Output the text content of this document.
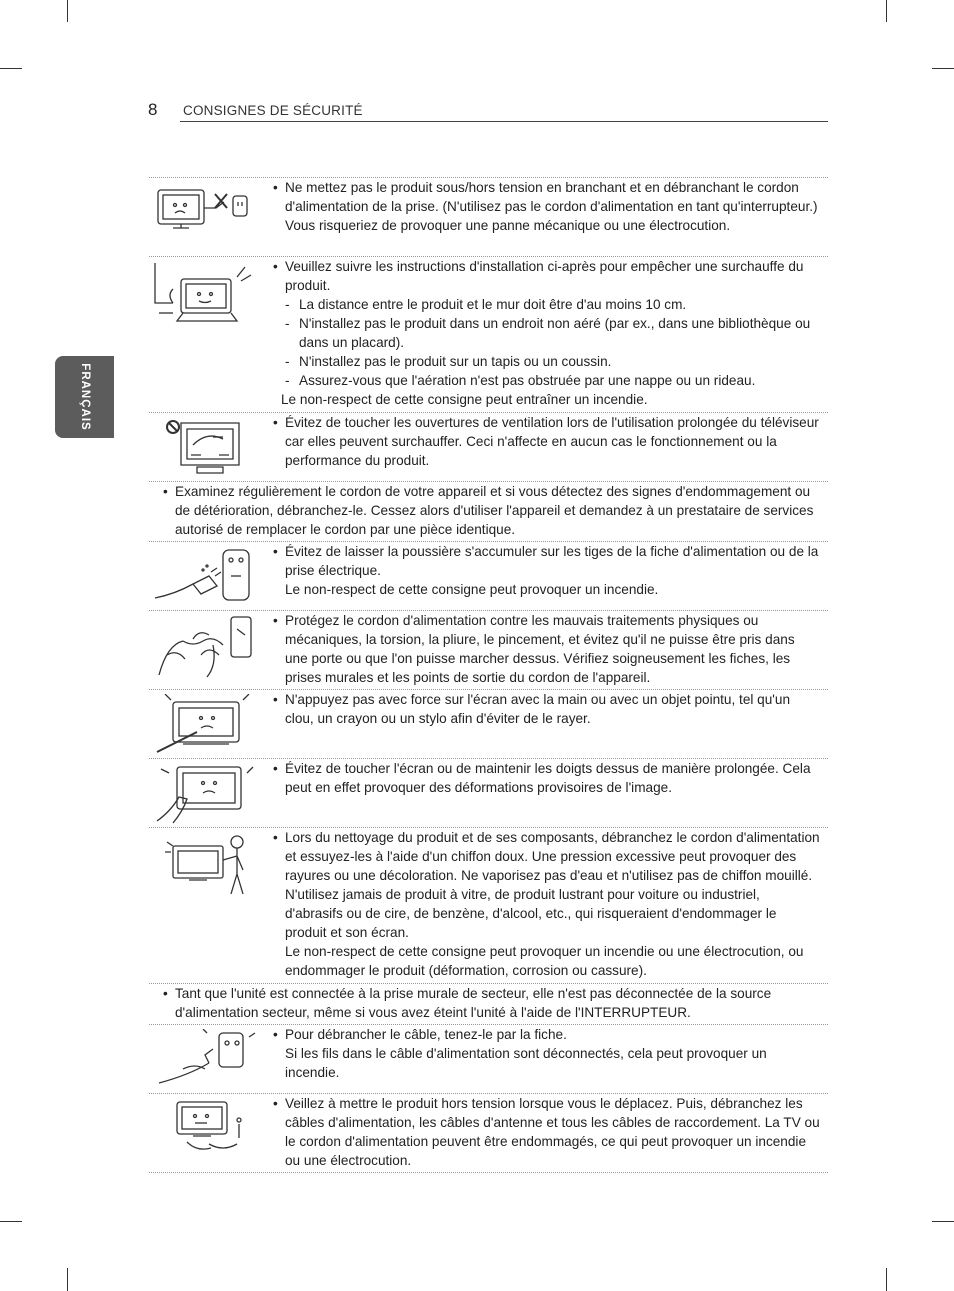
8 CONSIGNES DE SÉCURITÉ
FRANÇAIS
• Ne mettez pas le produit sous/hors tension en branchant et en débranchant le cordon d'alimentation de la prise. (N'utilisez pas le cordon d'alimentation en tant qu'interrupteur.)

Vous risqueriez de provoquer une panne mécanique ou une électrocution.

• Veuillez suivre les instructions d'installation ci-après pour empêcher une surchauffe du produit.

- La distance entre le produit et le mur doit être d'au moins 10 cm.

- N'installez pas le produit dans un endroit non aéré (par ex., dans une bibliothèque ou dans un placard).

- N'installez pas le produit sur un tapis ou un coussin.

- Assurez-vous que l'aération n'est pas obstruée par une nappe ou un rideau.

Le non-respect de cette consigne peut entraîner un incendie.

• Évitez de toucher les ouvertures de ventilation lors de l'utilisation prolongée du téléviseur car elles peuvent surchauffer. Ceci n'affecte en aucun cas le fonctionnement ou la performance du produit.

• Examinez régulièrement le cordon de votre appareil et si vous détectez des signes d'endommagement ou de détérioration, débranchez-le. Cessez alors d'utiliser l'appareil et demandez à un prestataire de services autorisé de remplacer le cordon par une pièce identique.

• Évitez de laisser la poussière s'accumuler sur les tiges de la fiche d'alimentation ou de la prise électrique.

Le non-respect de cette consigne peut provoquer un incendie.

• Protégez le cordon d'alimentation contre les mauvais traitements physiques ou mécaniques, la torsion, la pliure, le pincement, et évitez qu'il ne puisse être pris dans une porte ou que l'on puisse marcher dessus. Vérifiez soigneusement les fiches, les prises murales et les points de sortie du cordon de l'appareil.

• N'appuyez pas avec force sur l'écran avec la main ou avec un objet pointu, tel qu'un clou, un crayon ou un stylo afin d'éviter de le rayer.

• Évitez de toucher l'écran ou de maintenir les doigts dessus de manière prolongée. Cela peut en effet provoquer des déformations provisoires de l'image.

• Lors du nettoyage du produit et de ses composants, débranchez le cordon d'alimentation et essuyez-les à l'aide d'un chiffon doux. Une pression excessive peut provoquer des rayures ou une décoloration. Ne vaporisez pas d'eau et n'utilisez pas de chiffon mouillé. N'utilisez jamais de produit à vitre, de produit lustrant pour voiture ou industriel, d'abrasifs ou de cire, de benzène, d'alcool, etc., qui risqueraient d'endommager le produit et son écran.

Le non-respect de cette consigne peut provoquer un incendie ou une électrocution, ou endommager le produit (déformation, corrosion ou cassure).

• Tant que l'unité est connectée à la prise murale de secteur, elle n'est pas déconnectée de la source d'alimentation secteur, même si vous avez éteint l'unité à l'aide de l'INTERRUPTEUR.

• Pour débrancher le câble, tenez-le par la fiche.

Si les fils dans le câble d'alimentation sont déconnectés, cela peut provoquer un incendie.

• Veillez à mettre le produit hors tension lorsque vous le déplacez. Puis, débranchez les câbles d'alimentation, les câbles d'antenne et tous les câbles de raccordement. La TV ou le cordon d'alimentation peuvent être endommagés, ce qui peut provoquer un incendie ou une électrocution.
